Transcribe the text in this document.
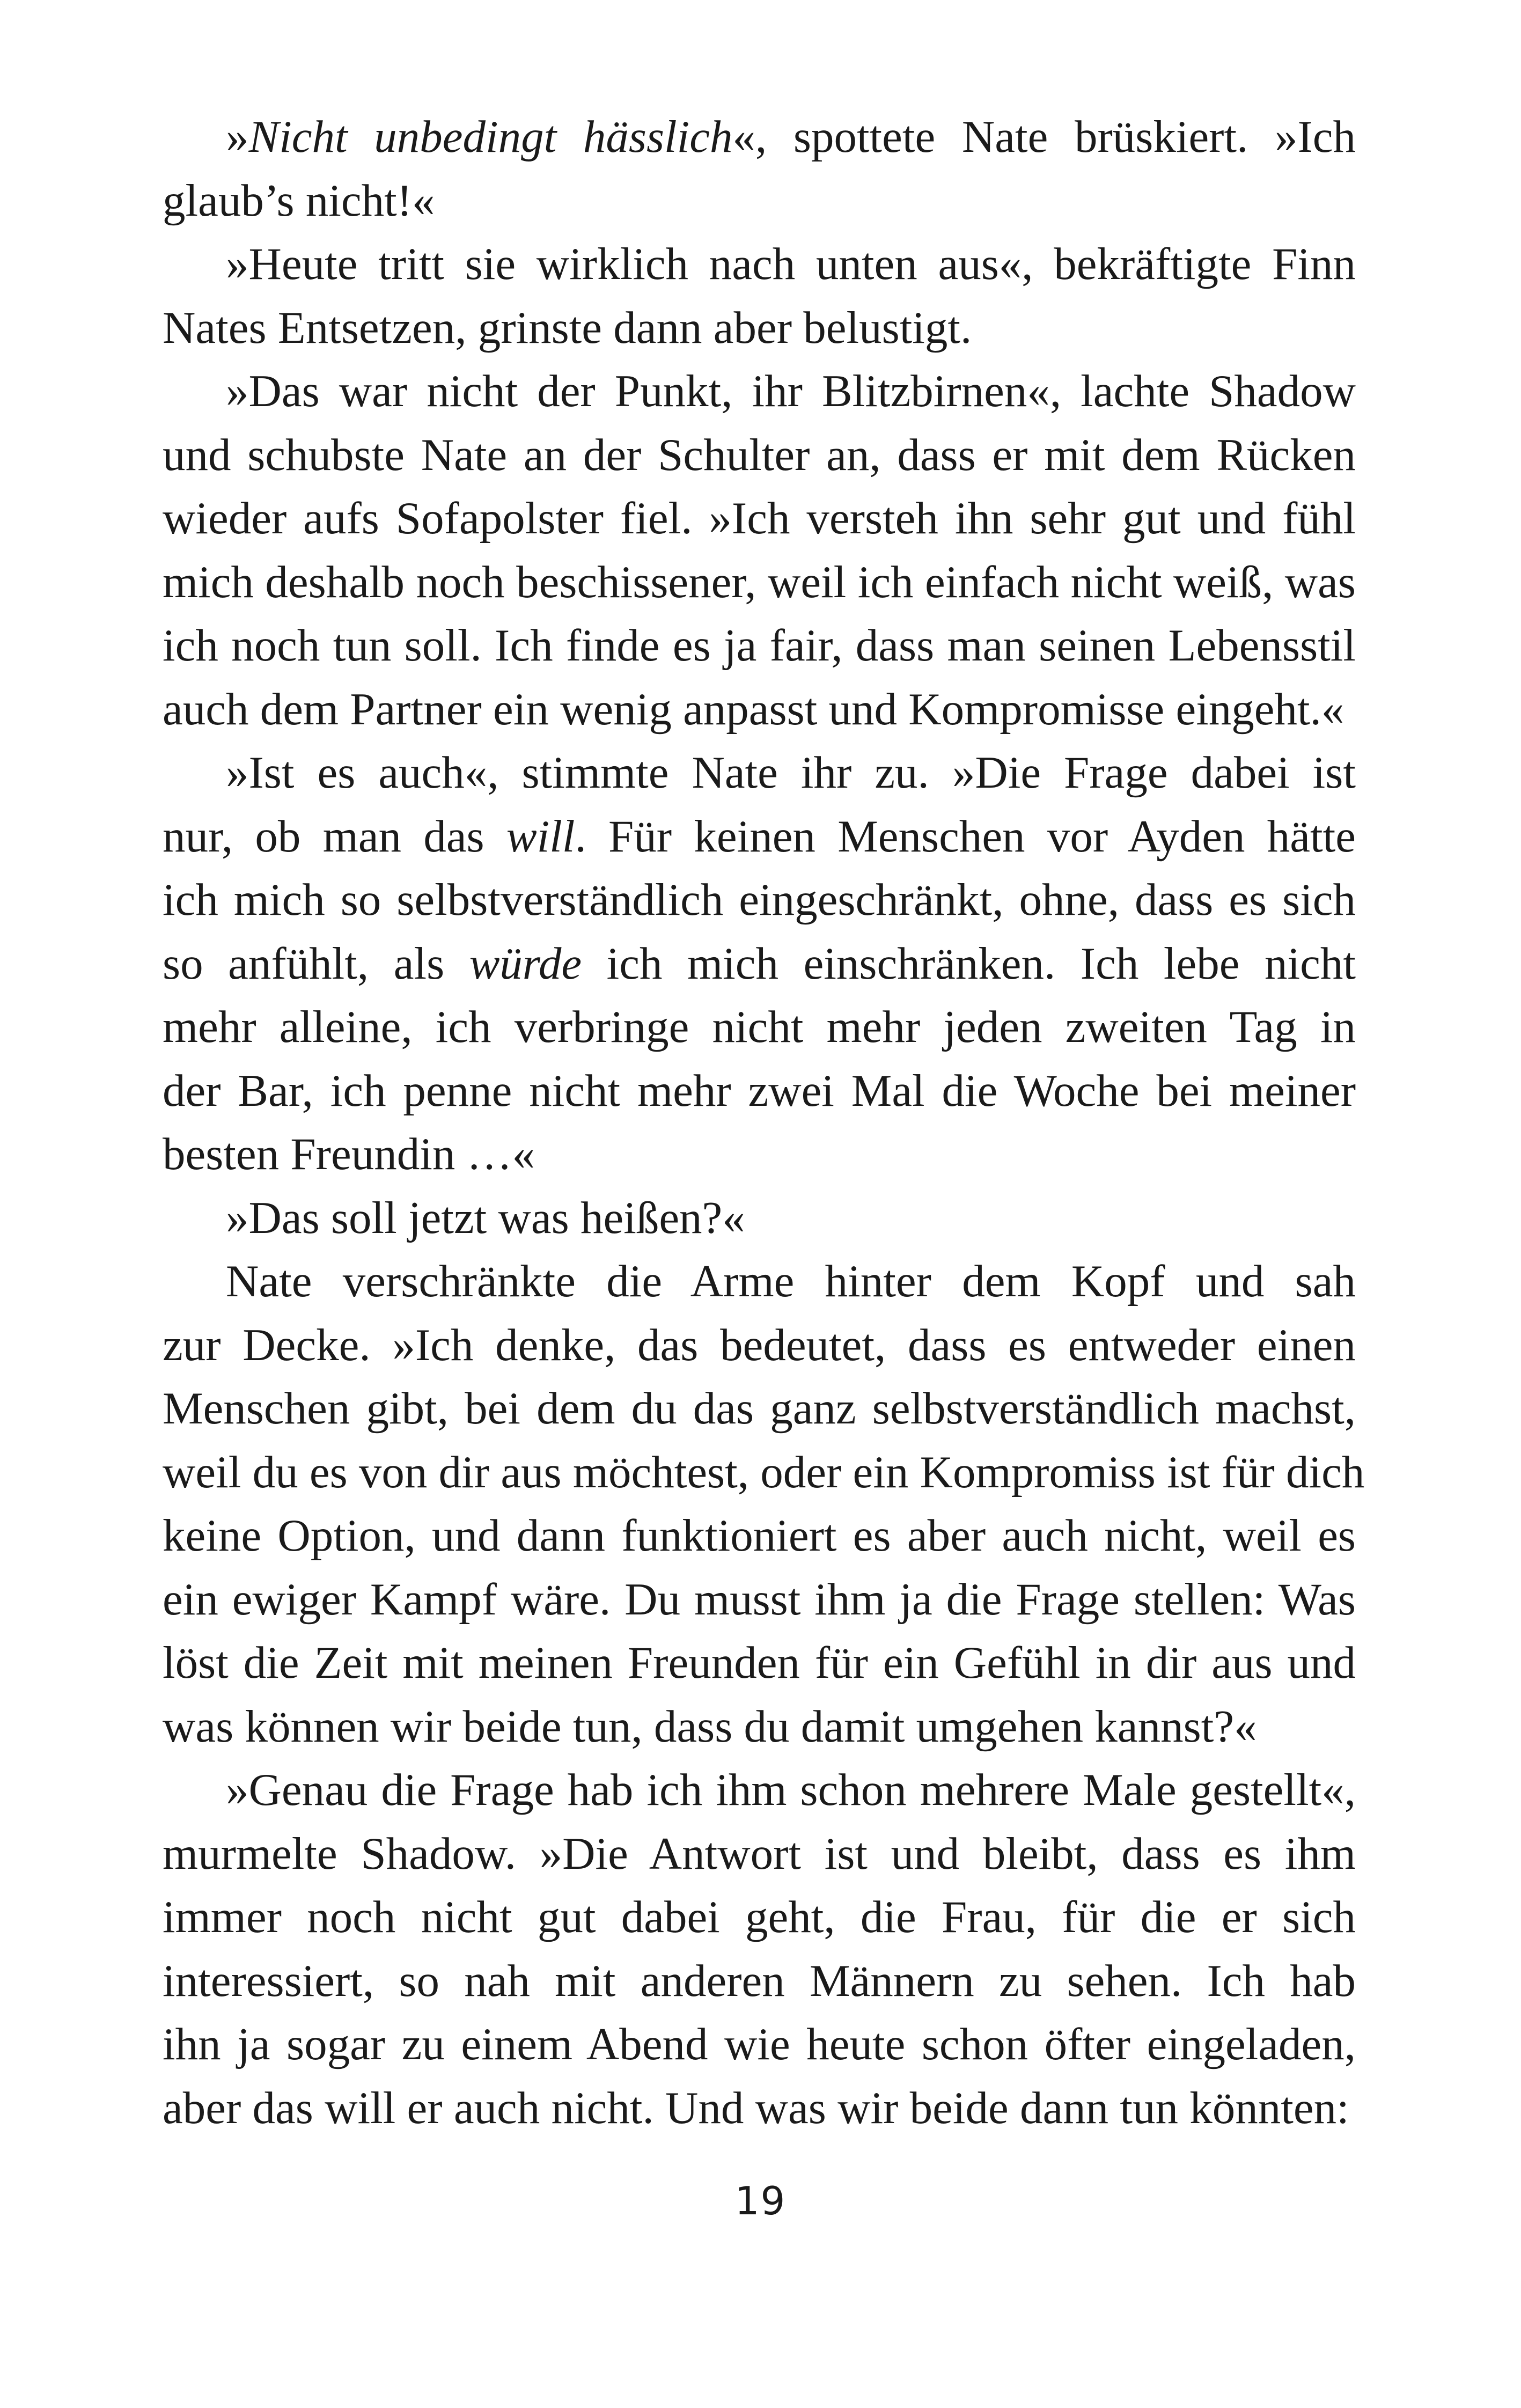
»Nicht unbedingt hässlich«, spottete Nate brüskiert. »Ich
glaub’s nicht!«
»Heute tritt sie wirklich nach unten aus«, bekräftigte Finn
Nates Entsetzen, grinste dann aber belustigt.
»Das war nicht der Punkt, ihr Blitzbirnen«, lachte Shadow
und schubste Nate an der Schulter an, dass er mit dem Rücken
wieder aufs Sofapolster fiel. »Ich versteh ihn sehr gut und fühl
mich deshalb noch beschissener, weil ich einfach nicht weiß, was
ich noch tun soll. Ich finde es ja fair, dass man seinen Lebensstil
auch dem Partner ein wenig anpasst und Kompromisse eingeht.«
»Ist es auch«, stimmte Nate ihr zu. »Die Frage dabei ist
nur, ob man das will. Für keinen Menschen vor Ayden hätte
ich mich so selbstverständlich eingeschränkt, ohne, dass es sich
so anfühlt, als würde ich mich einschränken. Ich lebe nicht
mehr alleine, ich verbringe nicht mehr jeden zweiten Tag in
der Bar, ich penne nicht mehr zwei Mal die Woche bei meiner
besten Freundin …«
»Das soll jetzt was heißen?«
Nate verschränkte die Arme hinter dem Kopf und sah
zur Decke. »Ich denke, das bedeutet, dass es entweder einen
Menschen gibt, bei dem du das ganz selbstverständlich machst,
weil du es von dir aus möchtest, oder ein Kompromiss ist für dich
keine Option, und dann funktioniert es aber auch nicht, weil es
ein ewiger Kampf wäre. Du musst ihm ja die Frage stellen: Was
löst die Zeit mit meinen Freunden für ein Gefühl in dir aus und
was können wir beide tun, dass du damit umgehen kannst?«
»Genau die Frage hab ich ihm schon mehrere Male gestellt«,
murmelte Shadow. »Die Antwort ist und bleibt, dass es ihm
immer noch nicht gut dabei geht, die Frau, für die er sich
interessiert, so nah mit anderen Männern zu sehen. Ich hab
ihn ja sogar zu einem Abend wie heute schon öfter eingeladen,
aber das will er auch nicht. Und was wir beide dann tun könnten:
19
